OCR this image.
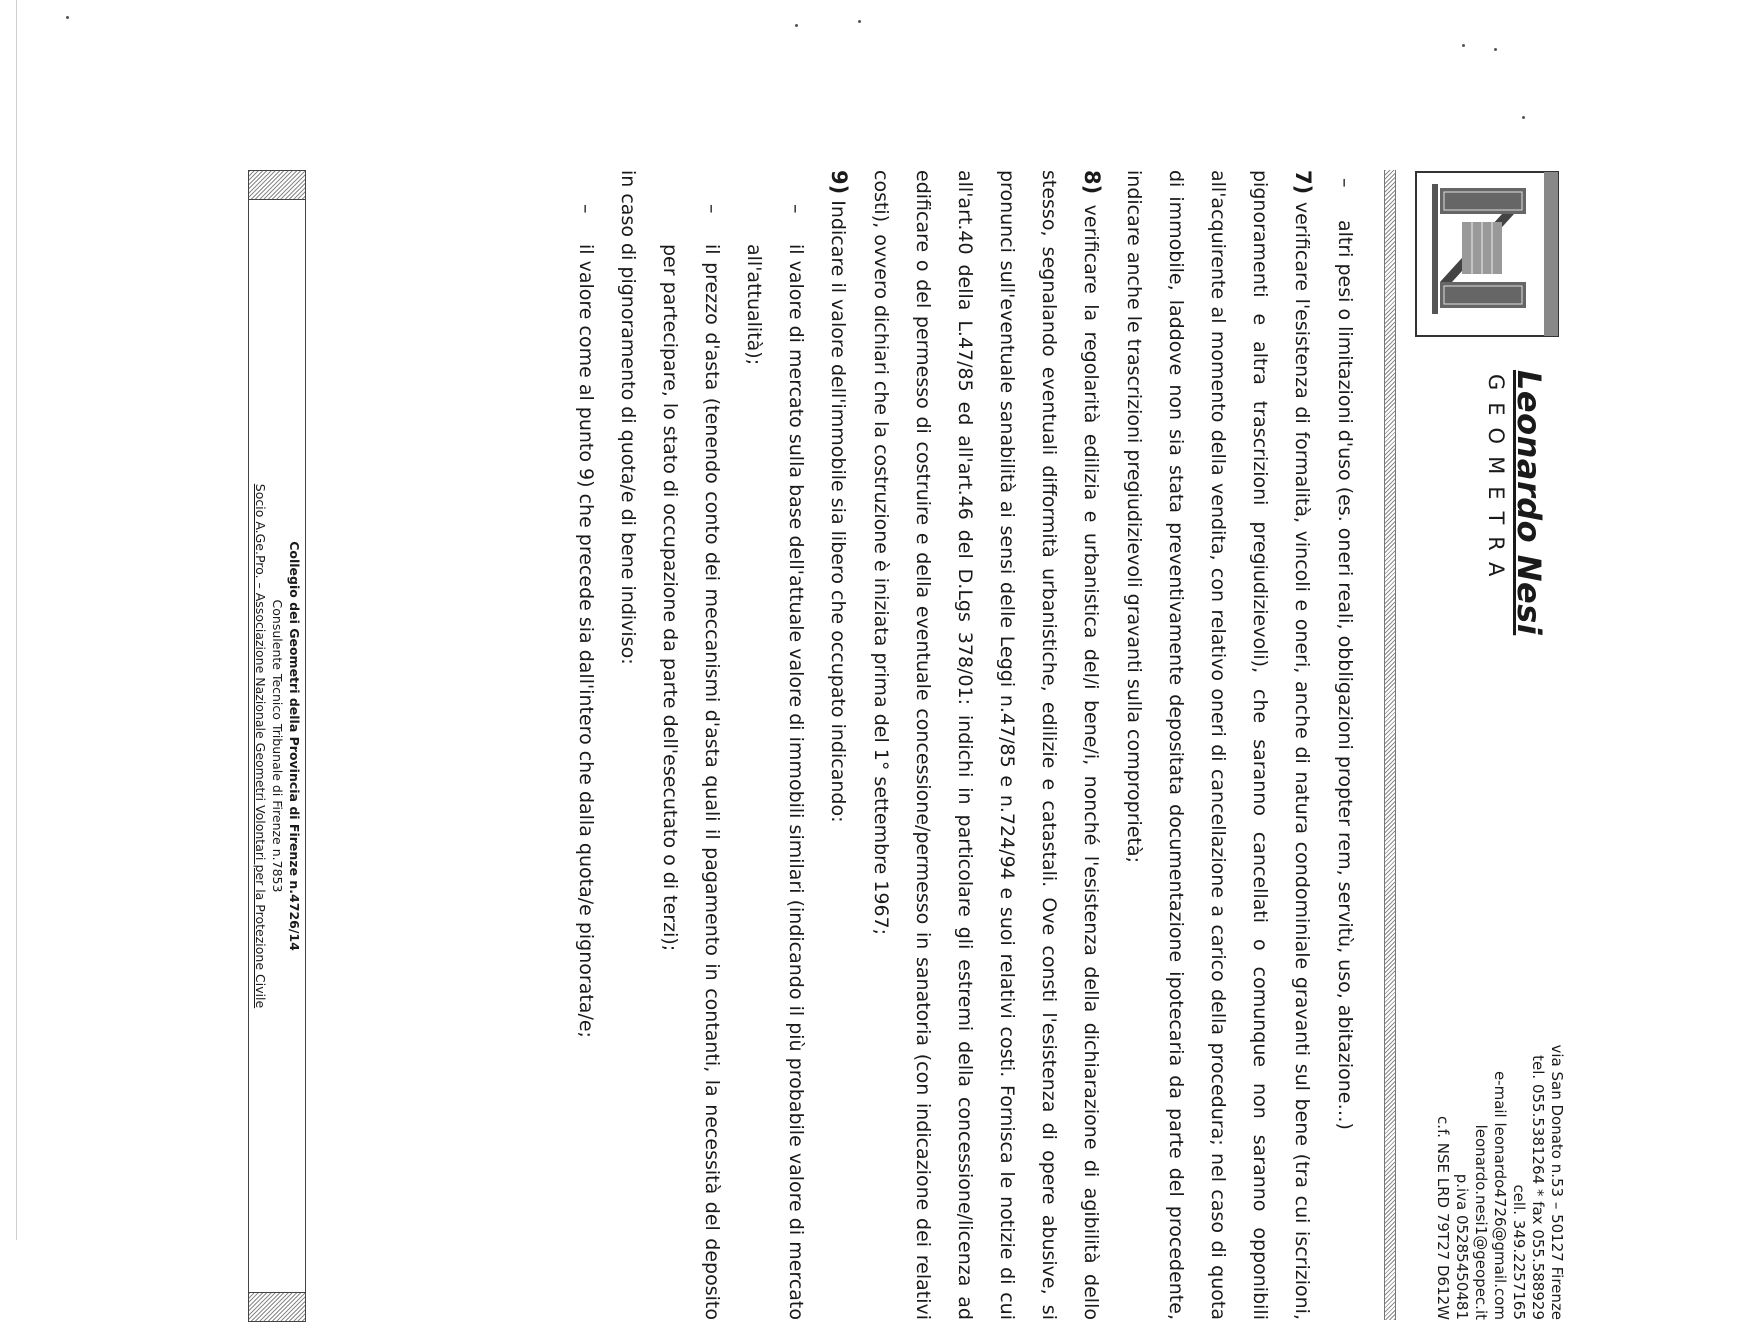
Leonardo Nesi
GEOMETRA
via San Donato n.53 – 50127 Firenze
tel. 055.5381264 * fax 055.588929
cell. 349.2257165
e-mail leonardo4726@gmail.com
leonardo.nesi1@geopec.it
p.iva 05285450481
c.f. NSE LRD 79T27 D612W

–
altri pesi o limitazioni d'uso (es. oneri reali, obbligazioni propter rem, servitù, uso, abitazione…)

7) verificare l'esistenza di formalità, vincoli e oneri, anche di natura condominiale gravanti sul bene (tra cui iscrizioni, pignoramenti e altra trascrizioni pregiudizievoli), che saranno cancellati o comunque non saranno opponibili all'acquirente al momento della vendita, con relativo oneri di cancellazione a carico della procedura; nel caso di quota di immobile, laddove non sia stata preventivamente depositata documentazione ipotecaria da parte del procedente, indicare anche le trascrizioni pregiudizievoli gravanti sulla comproprietà;

8) verificare la regolarità edilizia e urbanistica del/i bene/i, nonché l'esistenza della dichiarazione di agibilità dello stesso, segnalando eventuali difformità urbanistiche, edilizie e catastali. Ove consti l'esistenza di opere abusive, si pronunci sull'eventuale sanabilità ai sensi delle Leggi n.47/85 e n.724/94 e suoi relativi costi. Fornisca le notizie di cui all'art.40 della L.47/85 ed all'art.46 del D.Lgs 378/01: indichi in particolare gli estremi della concessione/licenza ad edificare o del permesso di costruire e della eventuale concessione/permesso in sanatoria (con indicazione dei relativi costi), ovvero dichiari che la costruzione è iniziata prima del 1° settembre 1967;

9) Indicare il valore dell'immobile sia libero che occupato indicando:

–
il valore di mercato sulla base dell'attuale valore di immobili similari (indicando il più probabile valore di mercato all'attualità);

–
il prezzo d'asta (tenendo conto dei meccanismi d'asta quali il pagamento in contanti, la necessità del deposito per partecipare, lo stato di occupazione da parte dell'esecutato o di terzi);

in caso di pignoramento di quota/e di bene indiviso:

–
il valore come al punto 9) che precede sia dall'intero che dalla quota/e pignorata/e;

Collegio dei Geometri della Provincia di Firenze n.4726/14
Consulente Tecnico Tribunale di Firenze n.7853
Socio A.Ge.Pro. – Associazione Nazionale Geometri Volontari per la Protezione Civile
